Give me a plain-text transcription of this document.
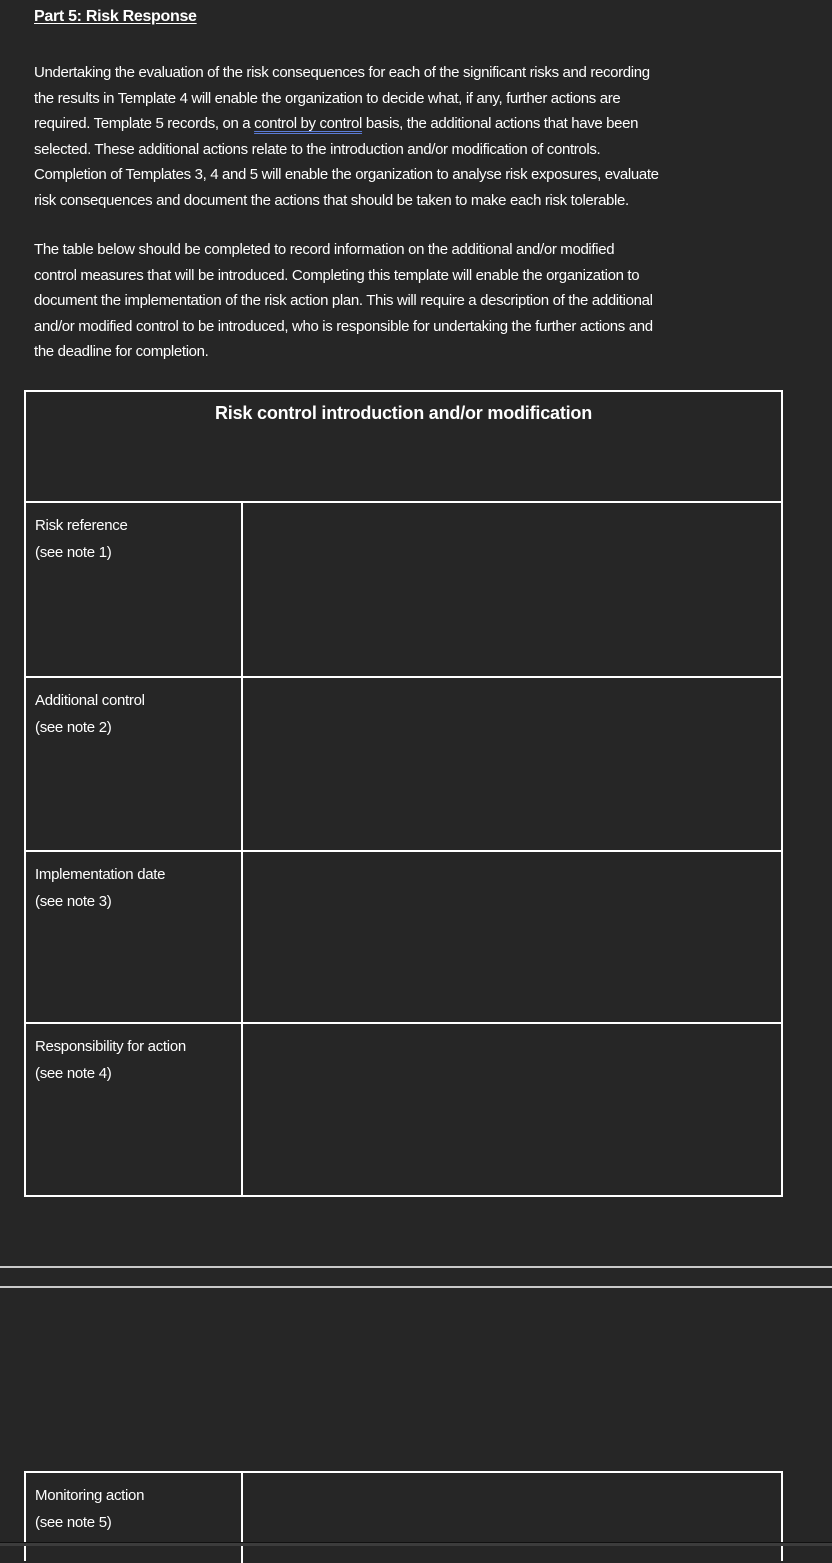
Part 5: Risk Response
Undertaking the evaluation of the risk consequences for each of the significant risks and recording
the results in Template 4 will enable the organization to decide what, if any, further actions are
required. Template 5 records, on a control by control basis, the additional actions that have been
selected. These additional actions relate to the introduction and/or modification of controls.
Completion of Templates 3, 4 and 5 will enable the organization to analyse risk exposures, evaluate
risk consequences and document the actions that should be taken to make each risk tolerable.
The table below should be completed to record information on the additional and/or modified
control measures that will be introduced. Completing this template will enable the organization to
document the implementation of the risk action plan. This will require a description of the additional
and/or modified control to be introduced, who is responsible for undertaking the further actions and
the deadline for completion.
Risk control introduction and/or modification
Risk reference
(see note 1)
Additional control
(see note 2)
Implementation date
(see note 3)
Responsibility for action
(see note 4)
Monitoring action
(see note 5)
